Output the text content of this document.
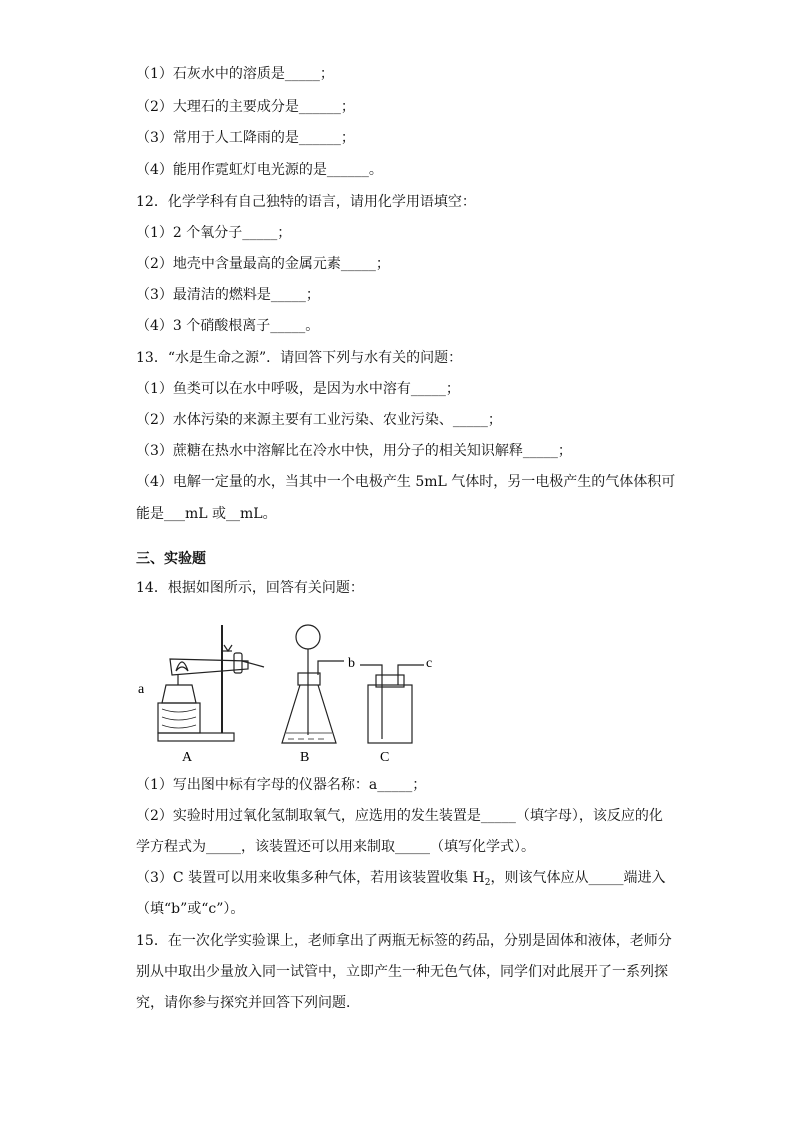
（1）石灰水中的溶质是_____；
（2）大理石的主要成分是______；
（3）常用于人工降雨的是______；
（4）能用作霓虹灯电光源的是______。
12．化学学科有自己独特的语言，请用化学用语填空：
（1）2 个氧分子_____；
（2）地壳中含量最高的金属元素_____；
（3）最清洁的燃料是_____；
（4）3 个硝酸根离子_____。
13．“水是生命之源”．请回答下列与水有关的问题：
（1）鱼类可以在水中呼吸，是因为水中溶有_____；
（2）水体污染的来源主要有工业污染、农业污染、_____；
（3）蔗糖在热水中溶解比在冷水中快，用分子的相关知识解释_____；
（4）电解一定量的水，当其中一个电极产生 5mL 气体时，另一电极产生的气体体积可
能是___mL 或__mL。
三、实验题
14．根据如图所示，回答有关问题：
a
b	c
A	B	C
（1）写出图中标有字母的仪器名称：a_____；
（2）实验时用过氧化氢制取氧气，应选用的发生装置是_____（填字母），该反应的化
学方程式为_____，该装置还可以用来制取_____（填写化学式）。
（3）C 装置可以用来收集多种气体，若用该装置收集 $H_2$，则该气体应从_____端进入
（填“b”或“c”）。
15．在一次化学实验课上，老师拿出了两瓶无标签的药品，分别是固体和液体，老师分
别从中取出少量放入同一试管中，立即产生一种无色气体，同学们对此展开了一系列探
究，请你参与探究并回答下列问题．
